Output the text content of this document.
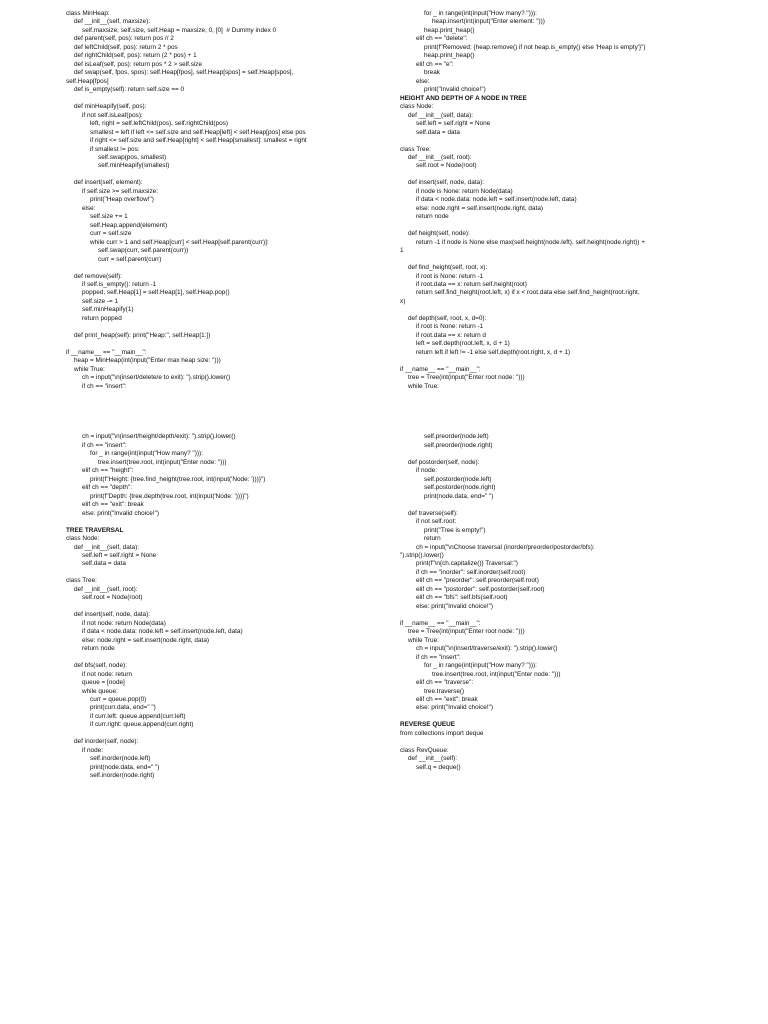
class MinHeap:
def __init__(self, maxsize):
self.maxsize, self.size, self.Heap = maxsize, 0, [0]  # Dummy index 0
def parent(self, pos): return pos // 2
def leftChild(self, pos): return 2 * pos
def rightChild(self, pos): return (2 * pos) + 1
def isLeaf(self, pos): return pos * 2 > self.size
def swap(self, fpos, spos): self.Heap[fpos], self.Heap[spos] = self.Heap[spos],
self.Heap[fpos]
def is_empty(self): return self.size == 0
def minHeapify(self, pos):
if not self.isLeaf(pos):
left, right = self.leftChild(pos), self.rightChild(pos)
smallest = left if left <= self.size and self.Heap[left] < self.Heap[pos] else pos
if right <= self.size and self.Heap[right] < self.Heap[smallest]: smallest = right
if smallest != pos:
self.swap(pos, smallest)
self.minHeapify(smallest)
def insert(self, element):
if self.size >= self.maxsize:
print("Heap overflow!")
else:
self.size += 1
self.Heap.append(element)
curr = self.size
while curr > 1 and self.Heap[curr] < self.Heap[self.parent(curr)]:
self.swap(curr, self.parent(curr))
curr = self.parent(curr)
def remove(self):
if self.is_empty(): return -1
popped, self.Heap[1] = self.Heap[1], self.Heap.pop()
self.size -= 1
self.minHeapify(1)
return popped
def print_heap(self): print("Heap:", self.Heap[1:])
if __name__ == "__main__":
heap = MinHeap(int(input("Enter max heap size: ")))
while True:
ch = input("\n(insert/delete/e to exit): ").strip().lower()
if ch == "insert":
ch = input("\n(insert/height/depth/exit): ").strip().lower()
if ch == "insert":
for _ in range(int(input("How many? "))):
tree.insert(tree.root, int(input("Enter node: ")))
elif ch == "height":
print(f"Height: {tree.find_height(tree.root, int(input('Node: ')))}")
elif ch == "depth":
print(f"Depth: {tree.depth(tree.root, int(input('Node: ')))}")
elif ch == "exit": break
else: print("Invalid choice!")
TREE TRAVERSAL
class Node:
def __init__(self, data):
self.left = self.right = None
self.data = data
class Tree:
def __init__(self, root):
self.root = Node(root)
def insert(self, node, data):
if not node: return Node(data)
if data < node.data: node.left = self.insert(node.left, data)
else: node.right = self.insert(node.right, data)
return node
def bfs(self, node):
if not node: return
queue = [node]
while queue:
curr = queue.pop(0)
print(curr.data, end=" ")
if curr.left: queue.append(curr.left)
if curr.right: queue.append(curr.right)
def inorder(self, node):
if node:
self.inorder(node.left)
print(node.data, end=" ")
self.inorder(node.right)
for _ in range(int(input("How many? "))):
heap.insert(int(input("Enter element: ")))
heap.print_heap()
elif ch == "delete":
print(f"Removed: {heap.remove() if not heap.is_empty() else 'Heap is empty'}")
heap.print_heap()
elif ch == "e":
break
else:
print("Invalid choice!")
HEIGHT AND DEPTH OF A NODE IN TREE
class Node:
def __init__(self, data):
self.left = self.right = None
self.data = data
class Tree:
def __init__(self, root):
self.root = Node(root)
def insert(self, node, data):
if node is None: return Node(data)
if data < node.data: node.left = self.insert(node.left, data)
else: node.right = self.insert(node.right, data)
return node
def height(self, node):
return -1 if node is None else max(self.height(node.left), self.height(node.right)) +
1
def find_height(self, root, x):
if root is None: return -1
if root.data == x: return self.height(root)
return self.find_height(root.left, x) if x < root.data else self.find_height(root.right,
x)
def depth(self, root, x, d=0):
if root is None: return -1
if root.data == x: return d
left = self.depth(root.left, x, d + 1)
return left if left != -1 else self.depth(root.right, x, d + 1)
if __name__ == "__main__":
tree = Tree(int(input("Enter root node: ")))
while True:
self.preorder(node.left)
self.preorder(node.right)
def postorder(self, node):
if node:
self.postorder(node.left)
self.postorder(node.right)
print(node.data, end=" ")
def traverse(self):
if not self.root:
print("Tree is empty!")
return
ch = input("\nChoose traversal (inorder/preorder/postorder/bfs):
").strip().lower()
print(f"\n{ch.capitalize()} Traversal:")
if ch == "inorder": self.inorder(self.root)
elif ch == "preorder": self.preorder(self.root)
elif ch == "postorder": self.postorder(self.root)
elif ch == "bfs": self.bfs(self.root)
else: print("Invalid choice!")
if __name__ == "__main__":
tree = Tree(int(input("Enter root node: ")))
while True:
ch = input("\n(insert/traverse/exit): ").strip().lower()
if ch == "insert":
for _ in range(int(input("How many? "))):
tree.insert(tree.root, int(input("Enter node: ")))
elif ch == "traverse":
tree.traverse()
elif ch == "exit": break
else: print("Invalid choice!")
REVERSE QUEUE
from collections import deque
class RevQueue:
def __init__(self):
self.q = deque()
